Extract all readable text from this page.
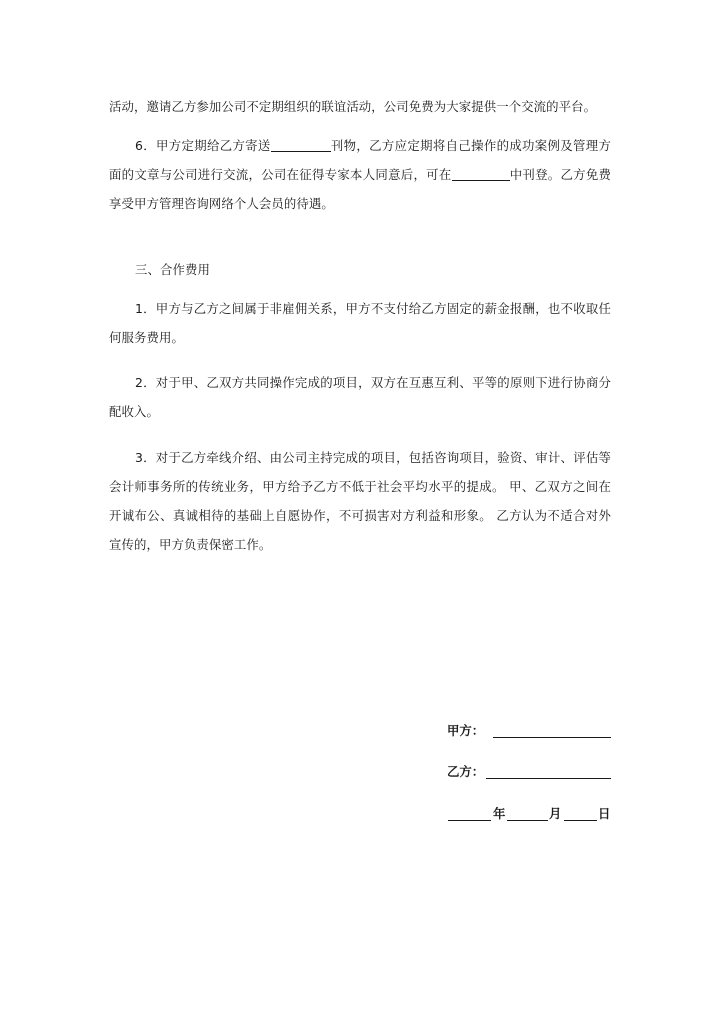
活动，邀请乙方参加公司不定期组织的联谊活动，公司免费为大家提供一个交流的平台。

6．甲方定期给乙方寄送	刊物，乙方应定期将自己操作的成功案例及管理方面的文章与公司进行交流，公司在征得专家本人同意后，可在	中刊登。乙方免费享受甲方管理咨询网络个人会员的待遇。

三、合作费用

1．甲方与乙方之间属于非雇佣关系，甲方不支付给乙方固定的薪金报酬，也不收取任何服务费用。

2．对于甲、乙双方共同操作完成的项目，双方在互惠互利、平等的原则下进行协商分配收入。

3．对于乙方牵线介绍、由公司主持完成的项目，包括咨询项目，验资、审计、评估等会计师事务所的传统业务，甲方给予乙方不低于社会平均水平的提成。 甲、乙双方之间在开诚布公、真诚相待的基础上自愿协作，不可损害对方利益和形象。 乙方认为不适合对外宣传的，甲方负责保密工作。

甲方：
乙方：
年	月	日
